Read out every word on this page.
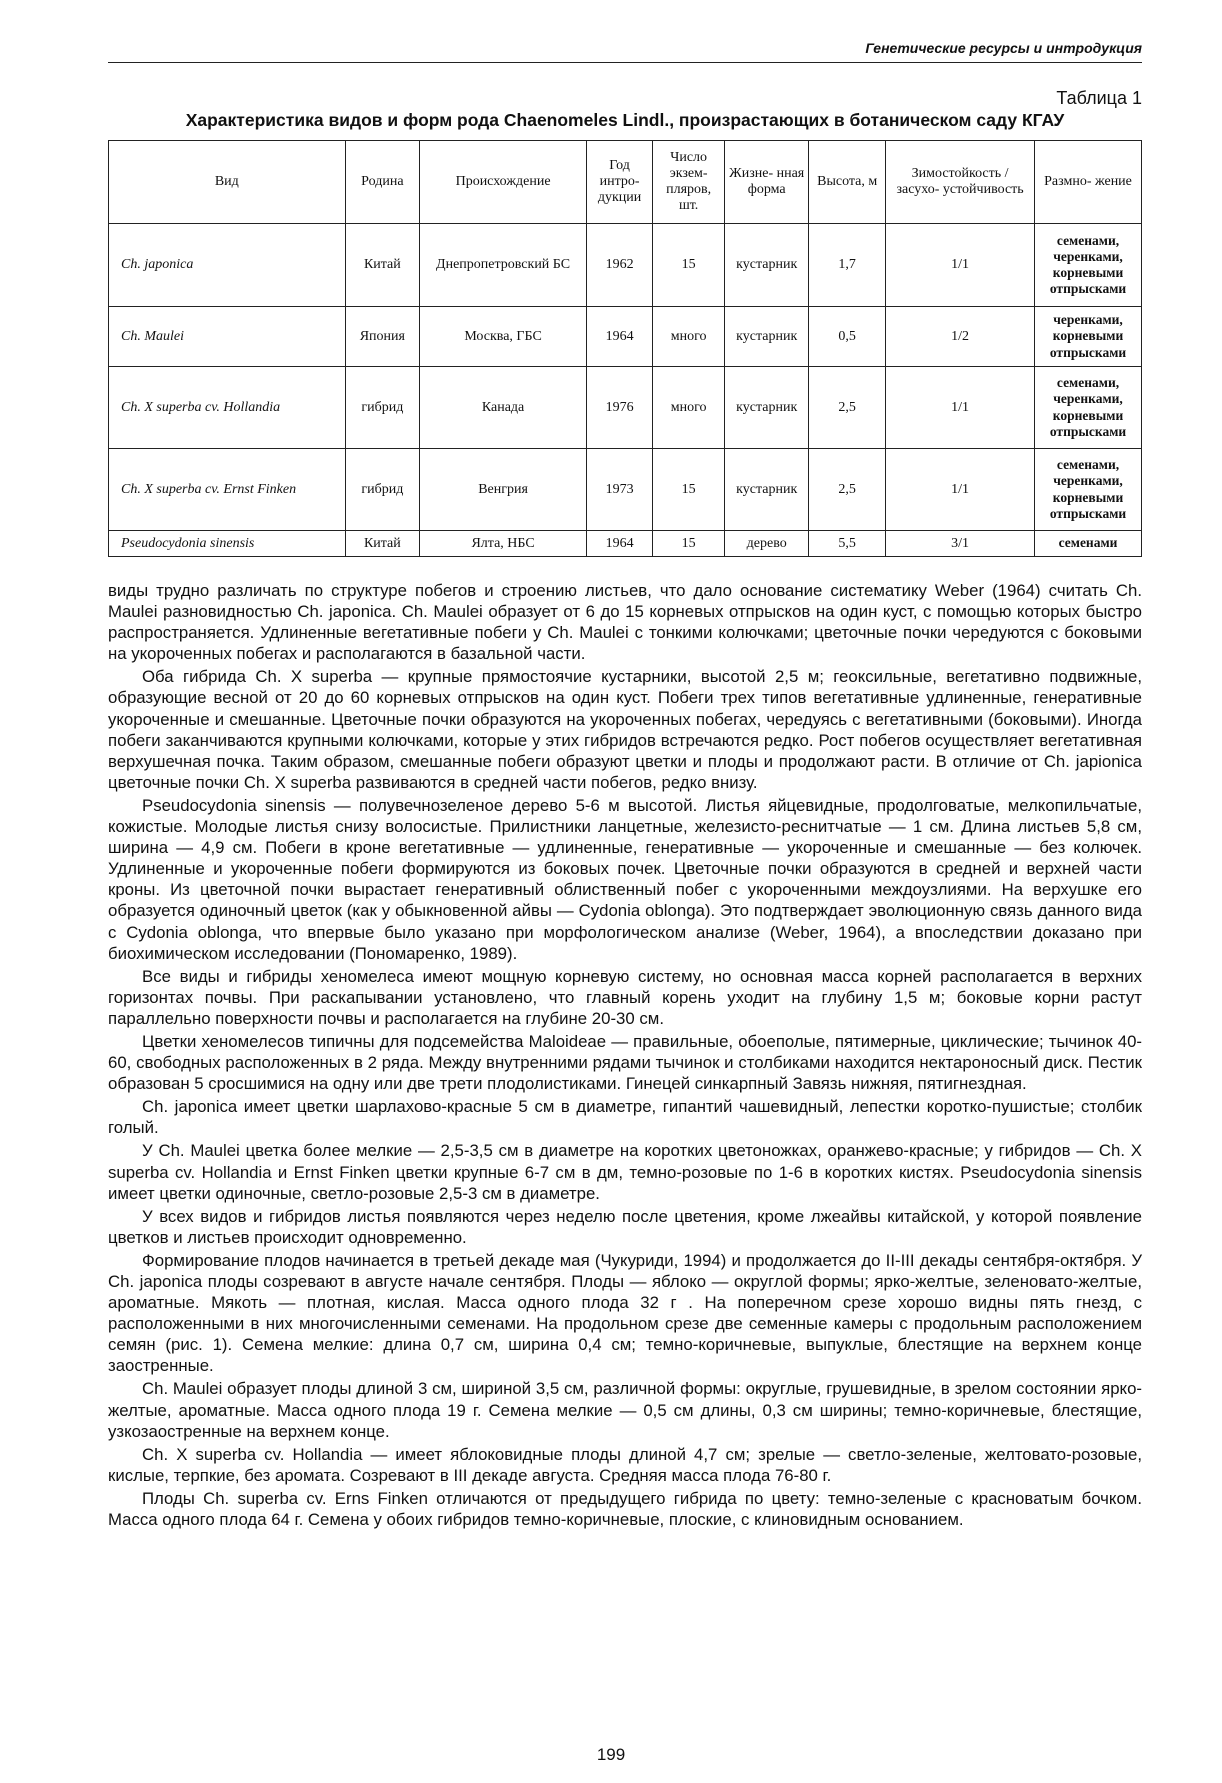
Генетические ресурсы и интродукция
Таблица 1
Характеристика видов и форм рода Chaenomeles Lindl., произрастающих в ботаническом саду КГАУ
Вид	Родина	Происхождение	Год интро- дукции	Число экзем- пляров, шт.	Жизне- нная форма	Высота, м	Зимостойкость / засухо- устойчивость	Размно- жение
Ch. japonica	Китай	Днепропетровский БС	1962	15	кустарник	1,7	1/1	семенами, черенками, корневыми отпрысками
Ch. Maulei	Япония	Москва, ГБС	1964	много	кустарник	0,5	1/2	черенками, корневыми отпрысками
Ch. X superba cv. Hollandia	гибрид	Канада	1976	много	кустарник	2,5	1/1	семенами, черенками, корневыми отпрысками
Ch. X superba cv. Ernst Finken	гибрид	Венгрия	1973	15	кустарник	2,5	1/1	семенами, черенками, корневыми отпрысками
Pseudocydonia sinensis	Китай	Ялта, НБС	1964	15	дерево	5,5	3/1	семенами

виды трудно различать по структуре побегов и строению листьев, что дало основание систематику Weber (1964) считать Ch. Maulei разновидностью Ch. japonica. Ch. Maulei образует от 6 до 15 корневых отпрысков на один куст, с помощью которых быстро распространяется. Удлиненные вегетативные побеги у Ch. Maulei с тонкими колючками; цветочные почки чередуются с боковыми на укороченных побегах и располагаются в базальной части.

Оба гибрида Ch. X superba — крупные прямостоячие кустарники, высотой 2,5 м; геоксильные, вегетативно подвижные, образующие весной от 20 до 60 корневых отпрысков на один куст. Побеги трех типов вегетативные удлиненные, генеративные укороченные и смешанные. Цветочные почки образуются на укороченных побегах, чередуясь с вегетативными (боковыми). Иногда побеги заканчиваются крупными колючками, которые у этих гибридов встречаются редко. Рост побегов осуществляет вегетативная верхушечная почка. Таким образом, смешанные побеги образуют цветки и плоды и продолжают расти. В отличие от Ch. japionica цветочные почки Ch. X superba развиваются в средней части побегов, редко внизу.

Pseudocydonia sinensis — полувечнозеленое дерево 5-6 м высотой. Листья яйцевидные, продолговатые, мелкопильчатые, кожистые. Молодые листья снизу волосистые. Прилистники ланцетные, железисто-реснитчатые — 1 см. Длина листьев 5,8 см, ширина — 4,9 см. Побеги в кроне вегетативные — удлиненные, генеративные — укороченные и смешанные — без колючек. Удлиненные и укороченные побеги формируются из боковых почек. Цветочные почки образуются в средней и верхней части кроны. Из цветочной почки вырастает генеративный облиственный побег с укороченными междоузлиями. На верхушке его образуется одиночный цветок (как у обыкновенной айвы — Cydonia oblonga). Это подтверждает эволюционную связь данного вида с Cydonia oblonga, что впервые было указано при морфологическом анализе (Weber, 1964), а впоследствии доказано при биохимическом исследовании (Пономаренко, 1989).

Все виды и гибриды хеномелеса имеют мощную корневую систему, но основная масса корней располагается в верхних горизонтах почвы. При раскапывании установлено, что главный корень уходит на глубину 1,5 м; боковые корни растут параллельно поверхности почвы и располагается на глубине 20-30 см.

Цветки хеномелесов типичны для подсемейства Maloideae — правильные, обоеполые, пятимерные, циклические; тычинок 40-60, свободных расположенных в 2 ряда. Между внутренними рядами тычинок и столбиками находится нектароносный диск. Пестик образован 5 сросшимися на одну или две трети плодолистиками. Гинецей синкарпный Завязь нижняя, пятигнездная.

Ch. japonica имеет цветки шарлахово-красные 5 см в диаметре, гипантий чашевидный, лепестки коротко-пушистые; столбик голый.

У Ch. Maulei цветка более мелкие — 2,5-3,5 см в диаметре на коротких цветоножках, оранжево-красные; у гибридов — Ch. X superba cv. Hollandia и Ernst Finken цветки крупные 6-7 см в дм, темно-розовые по 1-6 в коротких кистях. Pseudocydonia sinensis имеет цветки одиночные, светло-розовые 2,5-3 см в диаметре.

У всех видов и гибридов листья появляются через неделю после цветения, кроме лжеайвы китайской, у которой появление цветков и листьев происходит одновременно.

Формирование плодов начинается в третьей декаде мая (Чукуриди, 1994) и продолжается до II-III декады сентября-октября. У Ch. japonica плоды созревают в августе начале сентября. Плоды — яблоко — округлой формы; ярко-желтые, зеленовато-желтые, ароматные. Мякоть — плотная, кислая. Масса одного плода 32 г . На поперечном срезе хорошо видны пять гнезд, с расположенными в них многочисленными семенами. На продольном срезе две семенные камеры с продольным расположением семян (рис. 1). Семена мелкие: длина 0,7 см, ширина 0,4 см; темно-коричневые, выпуклые, блестящие на верхнем конце заостренные.

Ch. Maulei образует плоды длиной 3 см, шириной 3,5 см, различной формы: округлые, грушевидные, в зрелом состоянии ярко-желтые, ароматные. Масса одного плода 19 г. Семена мелкие — 0,5 см длины, 0,3 см ширины; темно-коричневые, блестящие, узкозаостренные на верхнем конце.

Ch. X superba cv. Hollandia — имеет яблоковидные плоды длиной 4,7 см; зрелые — светло-зеленые, желтовато-розовые, кислые, терпкие, без аромата. Созревают в III декаде августа. Средняя масса плода 76-80 г.

Плоды Ch. superba cv. Erns Finken отличаются от предыдущего гибрида по цвету: темно-зеленые с красноватым бочком. Масса одного плода 64 г. Семена у обоих гибридов темно-коричневые, плоские, с клиновидным основанием.

199
